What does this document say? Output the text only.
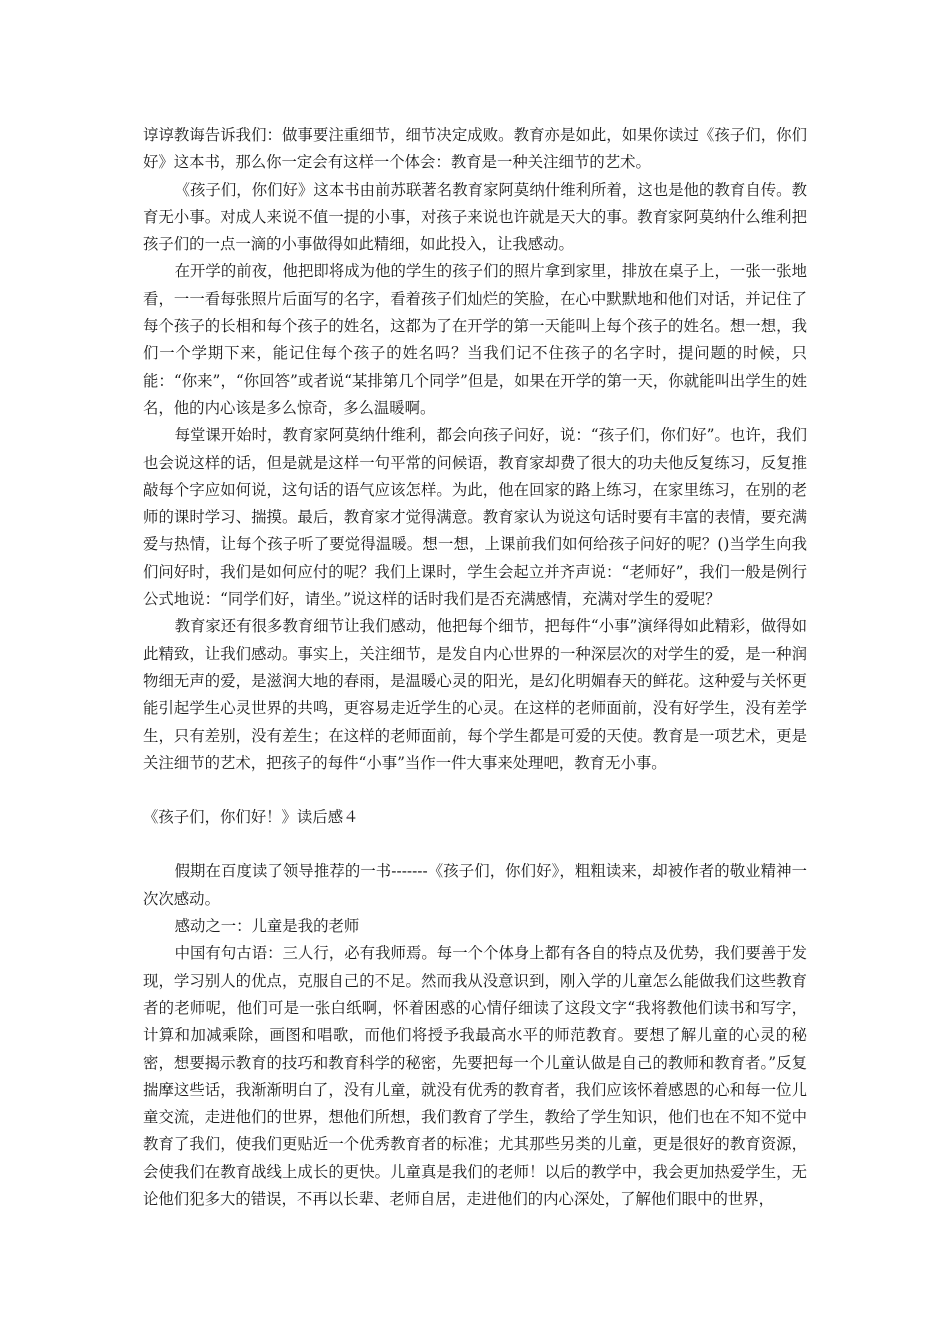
谆谆教诲告诉我们：做事要注重细节，细节决定成败。教育亦是如此，如果你读过《孩子们，你们好》这本书，那么你一定会有这样一个体会：教育是一种关注细节的艺术。

《孩子们，你们好》这本书由前苏联著名教育家阿莫纳什维利所着，这也是他的教育自传。教育无小事。对成人来说不值一提的小事，对孩子来说也许就是天大的事。教育家阿莫纳什么维利把孩子们的一点一滴的小事做得如此精细，如此投入，让我感动。

在开学的前夜，他把即将成为他的学生的孩子们的照片拿到家里，排放在桌子上，一张一张地看，一一看每张照片后面写的名字，看着孩子们灿烂的笑脸，在心中默默地和他们对话，并记住了每个孩子的长相和每个孩子的姓名，这都为了在开学的第一天能叫上每个孩子的姓名。想一想，我们一个学期下来，能记住每个孩子的姓名吗？当我们记不住孩子的名字时，提问题的时候，只能：“你来”，“你回答”或者说“某排第几个同学”但是，如果在开学的第一天，你就能叫出学生的姓名，他的内心该是多么惊奇，多么温暖啊。

每堂课开始时，教育家阿莫纳什维利，都会向孩子问好，说：“孩子们，你们好”。也许，我们也会说这样的话，但是就是这样一句平常的问候语，教育家却费了很大的功夫他反复练习，反复推敲每个字应如何说，这句话的语气应该怎样。为此，他在回家的路上练习，在家里练习，在别的老师的课时学习、揣摸。最后，教育家才觉得满意。教育家认为说这句话时要有丰富的表情，要充满爱与热情，让每个孩子听了要觉得温暖。想一想，上课前我们如何给孩子问好的呢？()当学生向我们问好时，我们是如何应付的呢？我们上课时，学生会起立并齐声说：“老师好”，我们一般是例行公式地说：“同学们好，请坐。”说这样的话时我们是否充满感情，充满对学生的爱呢？

教育家还有很多教育细节让我们感动，他把每个细节，把每件“小事”演绎得如此精彩，做得如此精致，让我们感动。事实上，关注细节，是发自内心世界的一种深层次的对学生的爱，是一种润物细无声的爱，是滋润大地的春雨，是温暖心灵的阳光，是幻化明媚春天的鲜花。这种爱与关怀更能引起学生心灵世界的共鸣，更容易走近学生的心灵。在这样的老师面前，没有好学生，没有差学生，只有差别，没有差生；在这样的老师面前，每个学生都是可爱的天使。教育是一项艺术，更是关注细节的艺术，把孩子的每件“小事”当作一件大事来处理吧，教育无小事。

《孩子们，你们好！》读后感４

假期在百度读了领导推荐的一书-------《孩子们，你们好》，粗粗读来，却被作者的敬业精神一次次感动。

感动之一：儿童是我的老师

中国有句古语：三人行，必有我师焉。每一个个体身上都有各自的特点及优势，我们要善于发现，学习别人的优点，克服自己的不足。然而我从没意识到，刚入学的儿童怎么能做我们这些教育者的老师呢，他们可是一张白纸啊，怀着困惑的心情仔细读了这段文字“我将教他们读书和写字，计算和加减乘除，画图和唱歌，而他们将授予我最高水平的师范教育。要想了解儿童的心灵的秘密，想要揭示教育的技巧和教育科学的秘密，先要把每一个儿童认做是自己的教师和教育者。”反复揣摩这些话，我渐渐明白了，没有儿童，就没有优秀的教育者，我们应该怀着感恩的心和每一位儿童交流，走进他们的世界，想他们所想，我们教育了学生，教给了学生知识，他们也在不知不觉中教育了我们，使我们更贴近一个优秀教育者的标准；尤其那些另类的儿童，更是很好的教育资源，会使我们在教育战线上成长的更快。儿童真是我们的老师！以后的教学中，我会更加热爱学生，无论他们犯多大的错误，不再以长辈、老师自居，走进他们的内心深处，了解他们眼中的世界，
